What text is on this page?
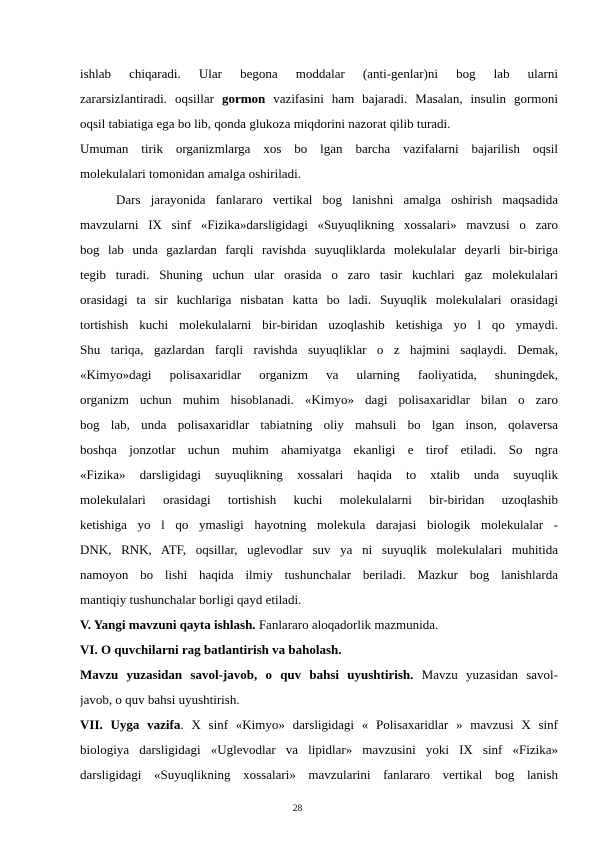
ishlab chiqaradi. Ular begona moddalar (anti-genlar)ni bog lab ularni
zararsizlantiradi. oqsillar gormon vazifasini ham bajaradi. Masalan, insulin gormoni
oqsil tabiatiga ega bo lib, qonda glukoza miqdorini nazorat qilib turadi.
Umuman tirik organizmlarga xos bo lgan barcha vazifalarni bajarilish oqsil
molekulalari tomonidan amalga oshiriladi.
Dars jarayonida fanlararo vertikal bog lanishni amalga oshirish maqsadida
mavzularni IX sinf «Fizika»darsligidagi «Suyuqlikning xossalari» mavzusi o zaro
bog lab unda gazlardan farqli ravishda suyuqliklarda molekulalar deyarli bir-biriga
tegib turadi. Shuning uchun ular orasida o zaro tasir kuchlari gaz molekulalari
orasidagi ta sir kuchlariga nisbatan katta bo ladi. Suyuqlik molekulalari orasidagi
tortishish kuchi molekulalarni bir-biridan uzoqlashib ketishiga yo l qo ymaydi.
Shu tariqa, gazlardan farqli ravishda suyuqliklar o z hajmini saqlaydi. Demak,
«Kimyo»dagi polisaxaridlar organizm va ularning faoliyatida, shuningdek,
organizm uchun muhim hisoblanadi. «Kimyo» dagi polisaxaridlar bilan o zaro
bog lab, unda polisaxaridlar tabiatning oliy mahsuli bo lgan inson, qolaversa
boshqa jonzotlar uchun muhim ahamiyatga ekanligi e tirof etiladi. So ngra
«Fizika» darsligidagi suyuqlikning xossalari haqida to xtalib unda suyuqlik
molekulalari orasidagi tortishish kuchi molekulalarni bir-biridan uzoqlashib
ketishiga yo l qo ymasligi hayotning molekula darajasi biologik molekulalar -
DNK, RNK, ATF, oqsillar, uglevodlar suv ya ni suyuqlik molekulalari muhitida
namoyon bo lishi haqida ilmiy tushunchalar beriladi. Mazkur bog lanishlarda
mantiqiy tushunchalar borligi qayd etiladi.
V. Yangi mavzuni qayta ishlash. Fanlararo aloqadorlik mazmunida.
VI. O quvchilarni rag batlantirish va baholash.
Mavzu yuzasidan savol-javob, o quv bahsi uyushtirish. Mavzu yuzasidan savol-
javob, o quv bahsi uyushtirish.
VII. Uyga vazifa. X sinf «Kimyo» darsligidagi « Polisaxaridlar » mavzusi X sinf
biologiya darsligidagi «Uglevodlar va lipidlar» mavzusini yoki IX sinf «Fizika»
darsligidagi «Suyuqlikning xossalari» mavzularini fanlararo vertikal bog lanish
28
